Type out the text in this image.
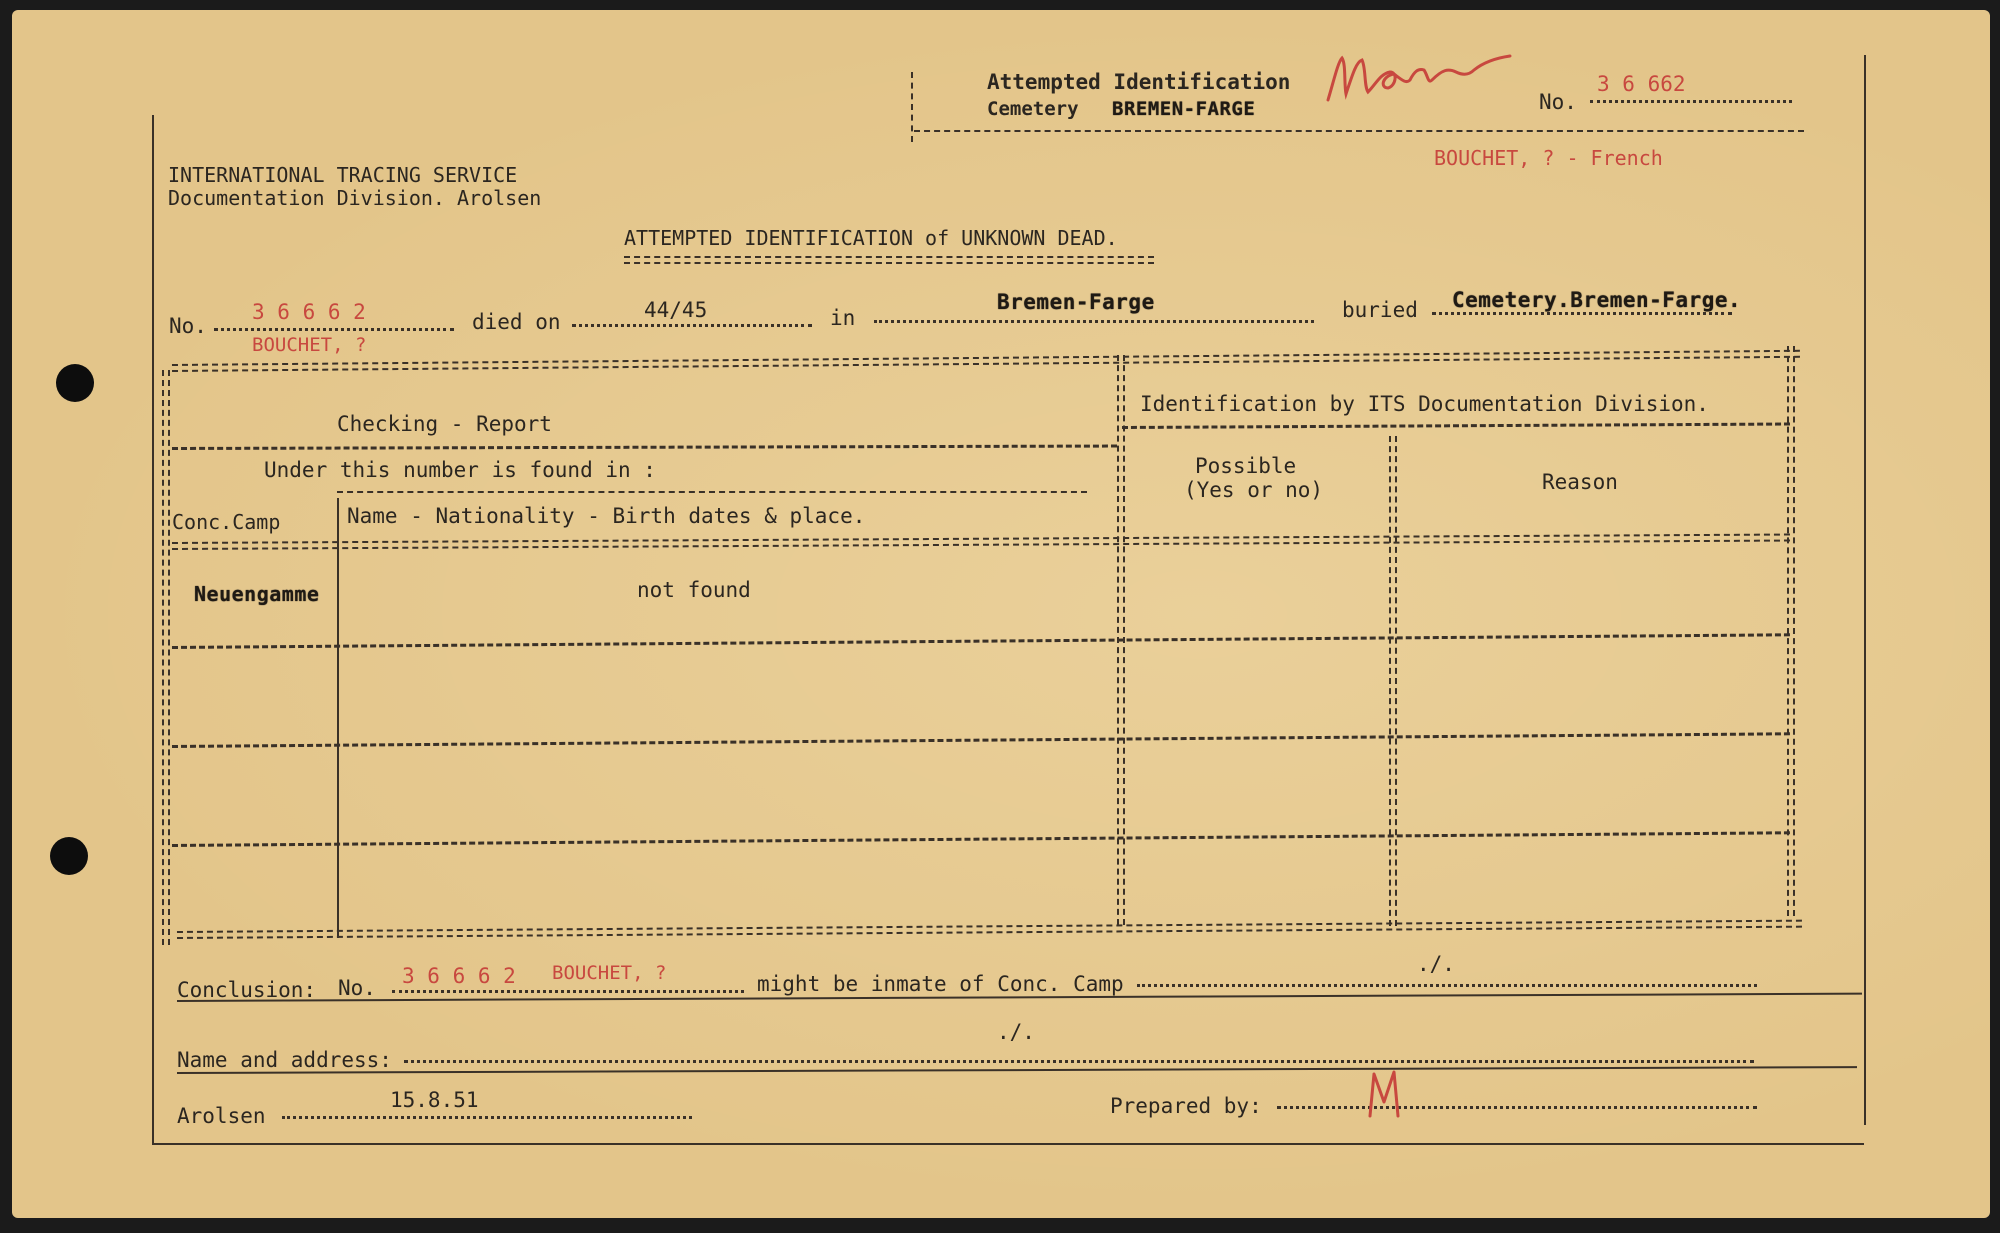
Attempted Identification
Cemetery BREMEN-FARGE	No.
3 6 662
BOUCHET, ? - French
INTERNATIONAL TRACING SERVICE
Documentation Division. Arolsen
ATTEMPTED IDENTIFICATION of UNKNOWN DEAD.
No.
3 6 6 6 2
BOUCHET, ?
died on	44/45	in
Bremen-Farge	buried Cemetery.Bremen-Farge.
Checking - Report
Identification by ITS Documentation Division.
Under this number is found in :	Possible
(Yes or no)	Reason
Conc.Camp	Name - Nationality - Birth dates & place.
Neuengamme	not found
Conclusion: No. 3 6 6 6 2 BOUCHET, ?	might be inmate of Conc. Camp
./.
Name and address:
./.
Arolsen
15.8.51	Prepared by:
